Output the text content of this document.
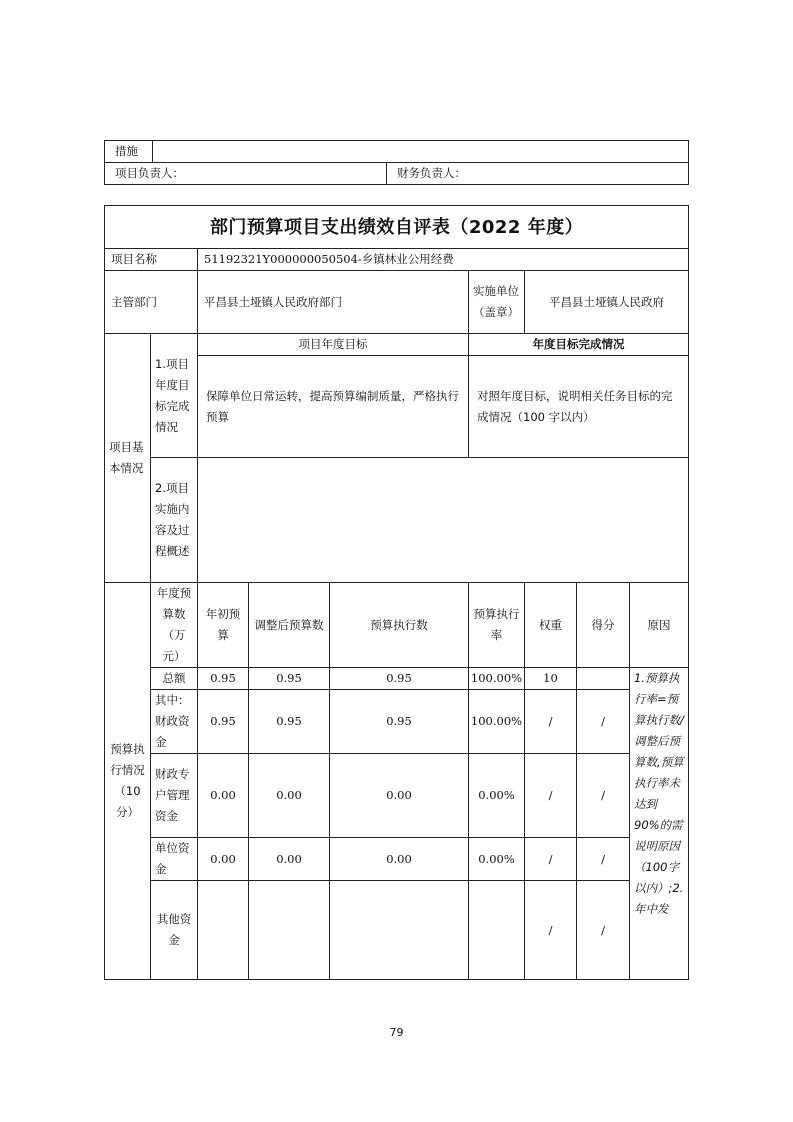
措施		
项目负责人：		财务负责人：
部门预算项目支出绩效自评表（2022 年度）								
项目名称		51192321Y000000050504-乡镇林业公用经费						
主管部门		平昌县土垭镇人民政府部门			实施单位（盖章）	平昌县土垭镇人民政府		
项目基本情况	1.项目年度目标完成情况	项目年度目标			年度目标完成情况			
		保障单位日常运转，提高预算编制质量，严格执行预算			对照年度目标，说明相关任务目标的完成情况（100 字以内）			
	2.项目实施内容及过程概述							
预算执行情况（10分）	年度预算数（万元）	年初预算	调整后预算数	预算执行数	预算执行率	权重	得分	原因
	总额	0.95	0.95	0.95	100.00%	10		1.预算执行率=预算执行数/调整后预算数,预算执行率未达到 90%的需说明原因（100字以内）;2.年中发
	其中：财政资金	0.95	0.95	0.95	100.00%	/	/	
	财政专户管理资金	0.00	0.00	0.00	0.00%	/	/	
	单位资金	0.00	0.00	0.00	0.00%	/	/	
	其他资金					/	/	
79
